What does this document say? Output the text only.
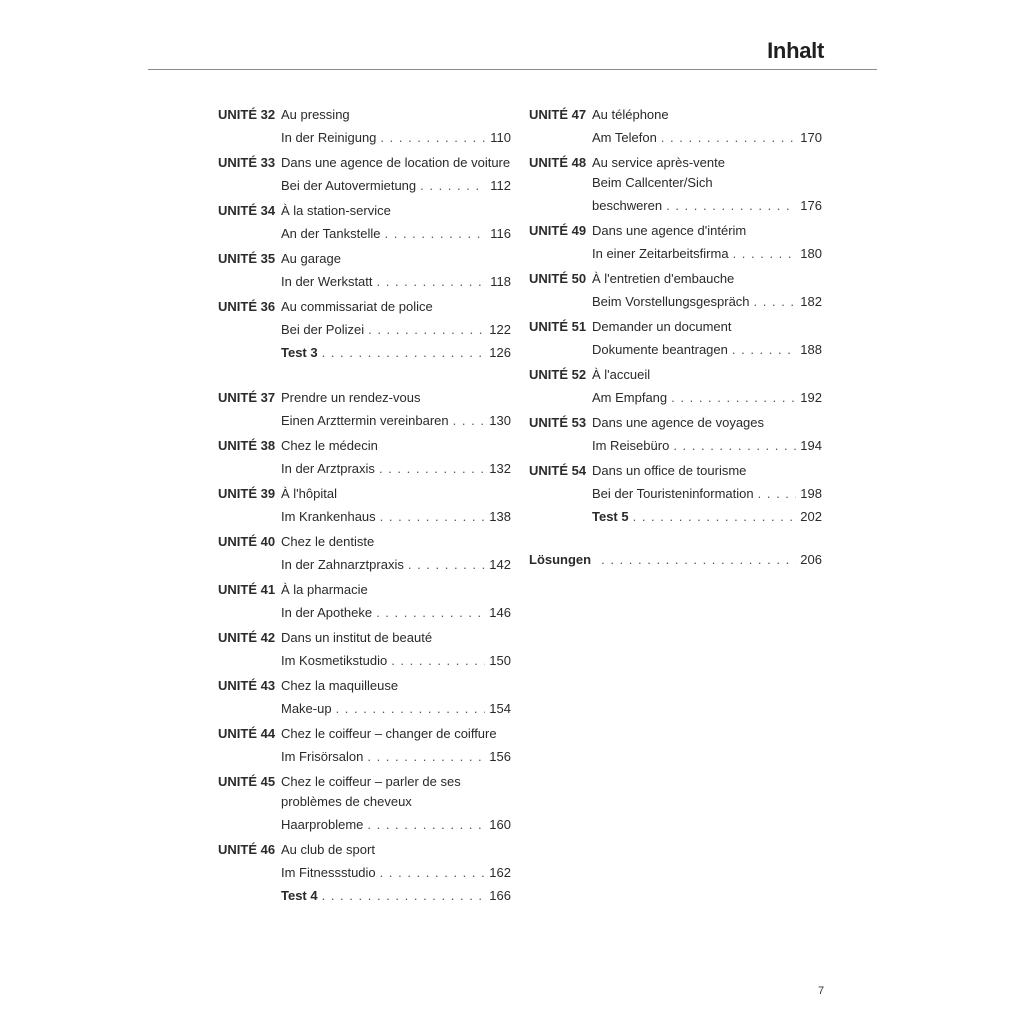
Inhalt
UNITÉ 32 Au pressing
In der Reinigung . . .	110
UNITÉ 33 Dans une agence de location de voiture
Bei der Autovermietung . . .	112
UNITÉ 34 À la station-service
An der Tankstelle . . .	116
UNITÉ 35 Au garage
In der Werkstatt . . .	118
UNITÉ 36 Au commissariat de police
Bei der Polizei . . .	122
Test 3 . . .	126
UNITÉ 37 Prendre un rendez-vous
Einen Arzttermin vereinbaren . . .	130
UNITÉ 38 Chez le médecin
In der Arztpraxis . . .	132
UNITÉ 39 À l'hôpital
Im Krankenhaus . . .	138
UNITÉ 40 Chez le dentiste
In der Zahnarztpraxis . . .	142
UNITÉ 41 À la pharmacie
In der Apotheke . . .	146
UNITÉ 42 Dans un institut de beauté
Im Kosmetikstudio . . .	150
UNITÉ 43 Chez la maquilleuse
Make-up . . .	154
UNITÉ 44 Chez le coiffeur – changer de coiffure
Im Frisörsalon . . .	156
UNITÉ 45 Chez le coiffeur – parler de ses problèmes de cheveux
Haarprobleme . . .	160
UNITÉ 46 Au club de sport
Im Fitnessstudio . . .	162
Test 4 . . .	166
UNITÉ 47 Au téléphone
Am Telefon . . .	170
UNITÉ 48 Au service après-vente
Beim Callcenter/Sich
beschweren . . .	176
UNITÉ 49 Dans une agence d'intérim
In einer Zeitarbeitsfirma . . .	180
UNITÉ 50 À l'entretien d'embauche
Beim Vorstellungsgespräch . . .	182
UNITÉ 51 Demander un document
Dokumente beantragen . . .	188
UNITÉ 52 À l'accueil
Am Empfang . . .	192
UNITÉ 53 Dans une agence de voyages
Im Reisebüro . . .	194
UNITÉ 54 Dans un office de tourisme
Bei der Touristeninformation . . .	198
Test 5 . . .	202
Lösungen . . .	206
7
